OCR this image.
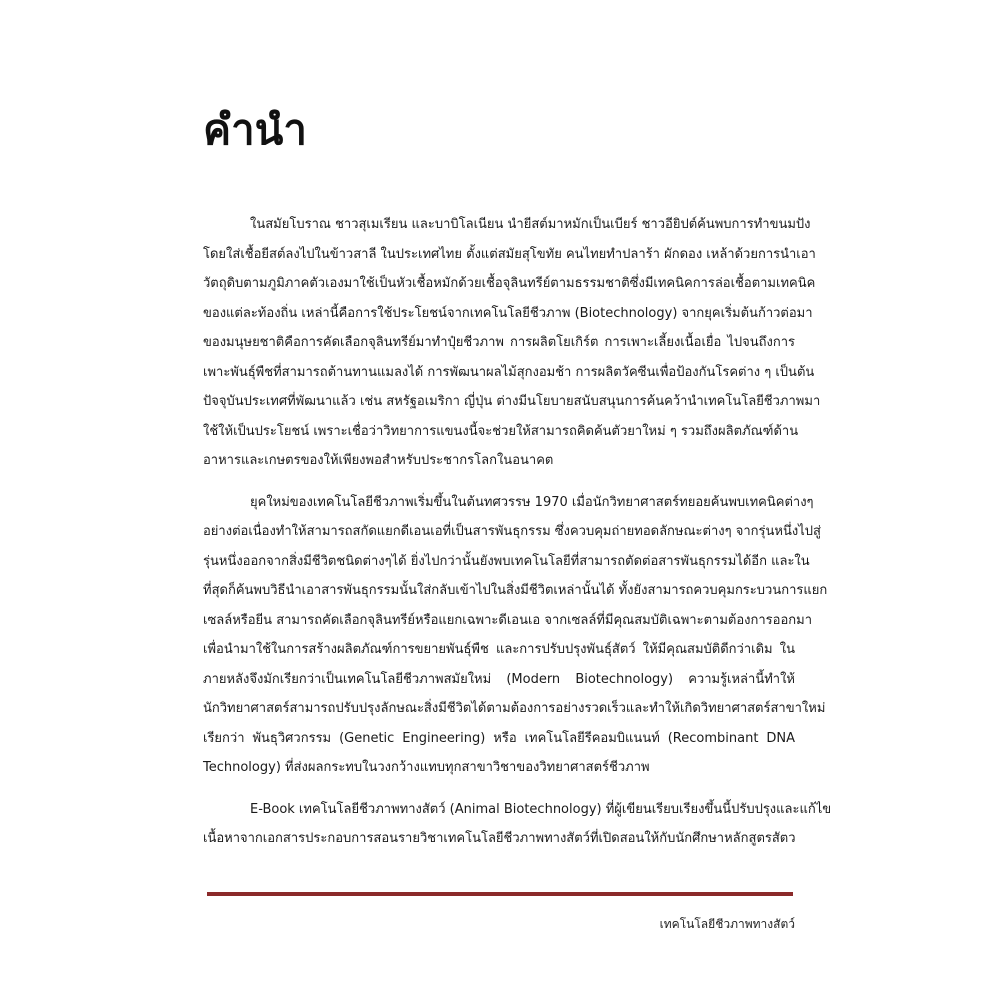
คำนำ
ในสมัยโบราณ ชาวสุเมเรียน และบาบิโลเนียน นำยีสต์มาหมักเป็นเบียร์ ชาวอียิปต์ค้นพบการทำขนมปัง
โดยใส่เชื้อยีสต์ลงไปในข้าวสาลี ในประเทศไทย ตั้งแต่สมัยสุโขทัย คนไทยทำปลาร้า ผักดอง เหล้าด้วยการนำเอา
วัตถุดิบตามภูมิภาคตัวเองมาใช้เป็นหัวเชื้อหมักด้วยเชื้อจุลินทรีย์ตามธรรมชาติซึ่งมีเทคนิคการล่อเชื้อตามเทคนิค
ของแต่ละท้องถิ่น เหล่านี้คือการใช้ประโยชน์จากเทคโนโลยีชีวภาพ (Biotechnology) จากยุคเริ่มต้นก้าวต่อมา
ของมนุษยชาติคือการคัดเลือกจุลินทรีย์มาทำปุ๋ยชีวภาพ การผลิตโยเกิร์ต การเพาะเลี้ยงเนื้อเยื่อ ไปจนถึงการ
เพาะพันธุ์พืชที่สามารถต้านทานแมลงได้ การพัฒนาผลไม้สุกงอมช้า การผลิตวัคซีนเพื่อป้องกันโรคต่าง ๆ เป็นต้น
ปัจจุบันประเทศที่พัฒนาแล้ว เช่น สหรัฐอเมริกา ญี่ปุ่น ต่างมีนโยบายสนับสนุนการค้นคว้านำเทคโนโลยีชีวภาพมา
ใช้ให้เป็นประโยชน์ เพราะเชื่อว่าวิทยาการแขนงนี้จะช่วยให้สามารถคิดค้นตัวยาใหม่ ๆ รวมถึงผลิตภัณฑ์ด้าน
อาหารและเกษตรของให้เพียงพอสำหรับประชากรโลกในอนาคต
ยุคใหม่ของเทคโนโลยีชีวภาพเริ่มขึ้นในต้นทศวรรษ 1970 เมื่อนักวิทยาศาสตร์ทยอยค้นพบเทคนิคต่างๆ
อย่างต่อเนื่องทำให้สามารถสกัดแยกดีเอนเอที่เป็นสารพันธุกรรม ซึ่งควบคุมถ่ายทอดลักษณะต่างๆ จากรุ่นหนึ่งไปสู่
รุ่นหนึ่งออกจากสิ่งมีชีวิตชนิดต่างๆได้ ยิ่งไปกว่านั้นยังพบเทคโนโลยีที่สามารถตัดต่อสารพันธุกรรมได้อีก และใน
ที่สุดก็ค้นพบวิธีนำเอาสารพันธุกรรมนั้นใส่กลับเข้าไปในสิ่งมีชีวิตเหล่านั้นได้ ทั้งยังสามารถควบคุมกระบวนการแยก
เซลล์หรือยีน สามารถคัดเลือกจุลินทรีย์หรือแยกเฉพาะดีเอนเอ จากเซลล์ที่มีคุณสมบัติเฉพาะตามต้องการออกมา
เพื่อนำมาใช้ในการสร้างผลิตภัณฑ์การขยายพันธุ์พืช และการปรับปรุงพันธุ์สัตว์ ให้มีคุณสมบัติดีกว่าเดิม ใน
ภายหลังจึงมักเรียกว่าเป็นเทคโนโลยีชีวภาพสมัยใหม่ (Modern Biotechnology) ความรู้เหล่านี้ทำให้
นักวิทยาศาสตร์สามารถปรับปรุงลักษณะสิ่งมีชีวิตได้ตามต้องการอย่างรวดเร็วและทำให้เกิดวิทยาศาสตร์สาขาใหม่
เรียกว่า พันธุวิศวกรรม (Genetic Engineering) หรือ เทคโนโลยีรีคอมบิแนนท์ (Recombinant DNA
Technology) ที่ส่งผลกระทบในวงกว้างแทบทุกสาขาวิชาของวิทยาศาสตร์ชีวภาพ
E-Book เทคโนโลยีชีวภาพทางสัตว์ (Animal Biotechnology) ที่ผู้เขียนเรียบเรียงขึ้นนี้ปรับปรุงและแก้ไข
เนื้อหาจากเอกสารประกอบการสอนรายวิชาเทคโนโลยีชีวภาพทางสัตว์ที่เปิดสอนให้กับนักศึกษาหลักสูตรสัตว
เทคโนโลยีชีวภาพทางสัตว์
